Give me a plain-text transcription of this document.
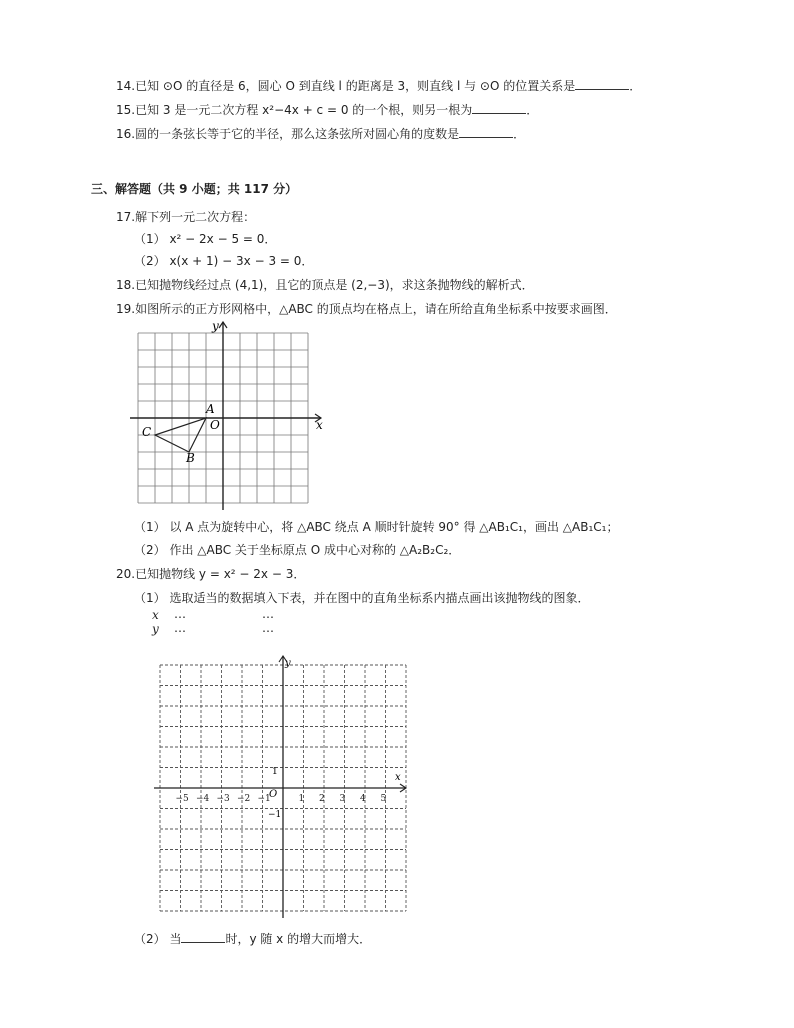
14.已知 ⊙O 的直径是 6，圆心 O 到直线 l 的距离是 3，则直线 l 与 ⊙O 的位置关系是	．
15.已知 3 是一元二次方程 x²−4x + c = 0 的一个根，则另一根为	．
16.圆的一条弦长等于它的半径，那么这条弦所对圆心角的度数是	．
三、解答题（共 9 小题；共 117 分）
17.解下列一元二次方程：
（1） x² − 2x − 5 = 0．
（2） x(x + 1) − 3x − 3 = 0．
18.已知抛物线经过点 (4,1)，且它的顶点是 (2,−3)，求这条抛物线的解析式．
19.如图所示的正方形网格中，△ABC 的顶点均在格点上，请在所给直角坐标系中按要求画图．
y
x
A
O
C
B
（1） 以 A 点为旋转中心，将 △ABC 绕点 A 顺时针旋转 90° 得 △AB₁C₁，画出 △AB₁C₁；
（2） 作出 △ABC 关于坐标原点 O 成中心对称的 △A₂B₂C₂．
20.已知抛物线 y = x² − 2x − 3．
（1） 选取适当的数据填入下表，并在图中的直角坐标系内描点画出该抛物线的图象．
x …	…
y …	…
−5 −4 −3 −2 −1	1 2 3 4 5
y
x
O
1
−1
（2） 当	时，y 随 x 的增大而增大．
